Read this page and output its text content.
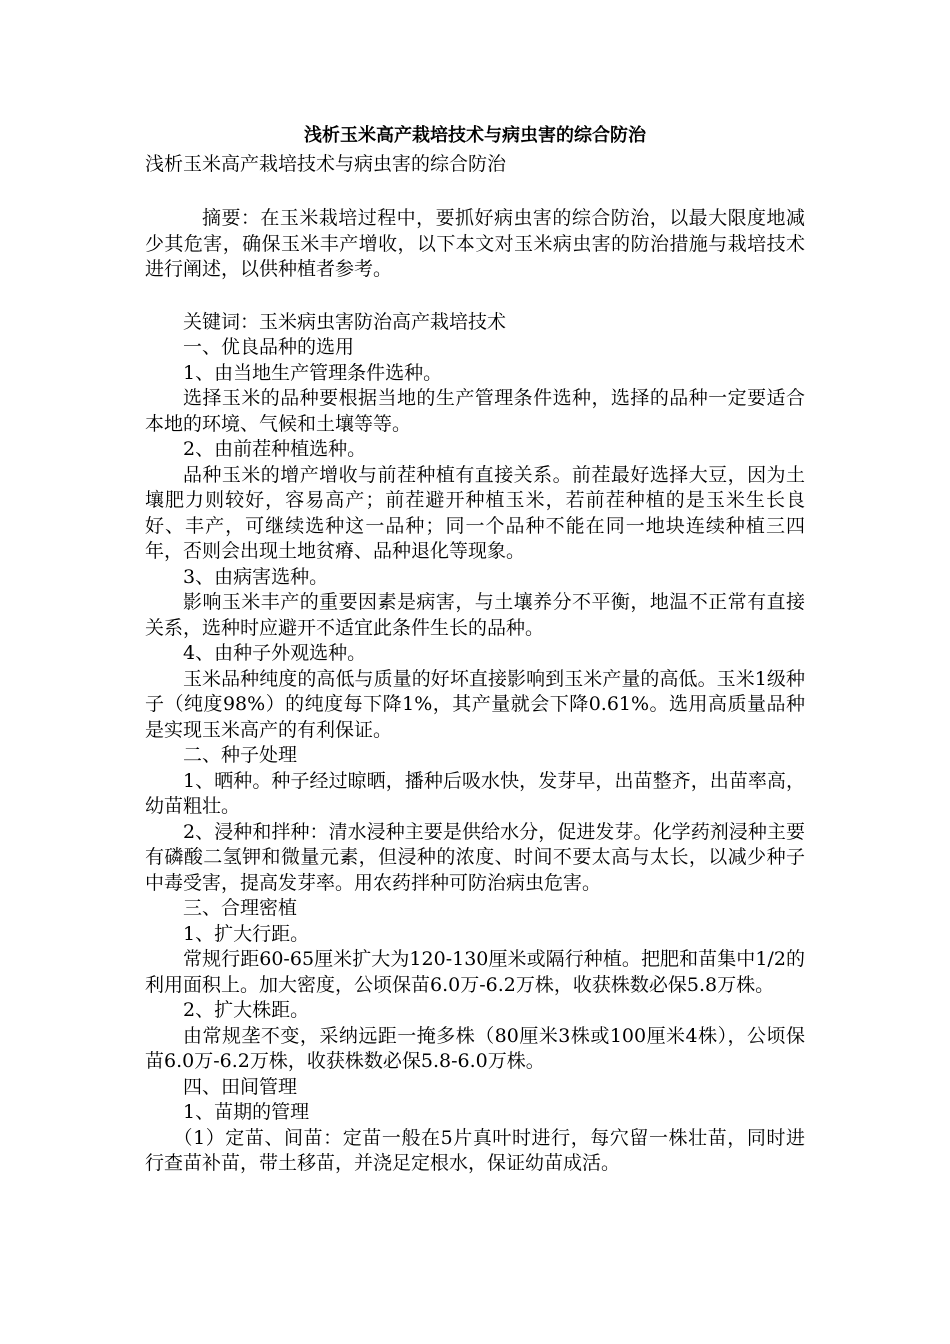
浅析玉米高产栽培技术与病虫害的综合防治

浅析玉米高产栽培技术与病虫害的综合防治

摘要：在玉米栽培过程中，要抓好病虫害的综合防治，以最大限度地减少其危害，确保玉米丰产增收，以下本文对玉米病虫害的防治措施与栽培技术进行阐述，以供种植者参考。

关键词：玉米病虫害防治高产栽培技术

一、优良品种的选用

1、由当地生产管理条件选种。

选择玉米的品种要根据当地的生产管理条件选种，选择的品种一定要适合本地的环境、气候和土壤等等。

2、由前茬种植选种。

品种玉米的增产增收与前茬种植有直接关系。前茬最好选择大豆，因为土壤肥力则较好，容易高产；前茬避开种植玉米，若前茬种植的是玉米生长良好、丰产，可继续选种这一品种；同一个品种不能在同一地块连续种植三四年，否则会出现土地贫瘠、品种退化等现象。

3、由病害选种。

影响玉米丰产的重要因素是病害，与土壤养分不平衡，地温不正常有直接关系，选种时应避开不适宜此条件生长的品种。

4、由种子外观选种。

玉米品种纯度的高低与质量的好坏直接影响到玉米产量的高低。玉米1级种子（纯度98%）的纯度每下降1%，其产量就会下降0.61%。选用高质量品种是实现玉米高产的有利保证。

二、种子处理

1、晒种。种子经过晾晒，播种后吸水快，发芽早，出苗整齐，出苗率高，幼苗粗壮。

2、浸种和拌种：清水浸种主要是供给水分，促进发芽。化学药剂浸种主要有磷酸二氢钾和微量元素，但浸种的浓度、时间不要太高与太长，以减少种子中毒受害，提高发芽率。用农药拌种可防治病虫危害。

三、合理密植

1、扩大行距。

常规行距60-65厘米扩大为120-130厘米或隔行种植。把肥和苗集中1/2的利用面积上。加大密度，公顷保苗6.0万-6.2万株，收获株数必保5.8万株。

2、扩大株距。

由常规垄不变，采纳远距一掩多株（80厘米3株或100厘米4株），公顷保苗6.0万-6.2万株，收获株数必保5.8-6.0万株。

四、田间管理

1、苗期的管理

（1）定苗、间苗：定苗一般在5片真叶时进行，每穴留一株壮苗，同时进行查苗补苗，带土移苗，并浇足定根水，保证幼苗成活。
